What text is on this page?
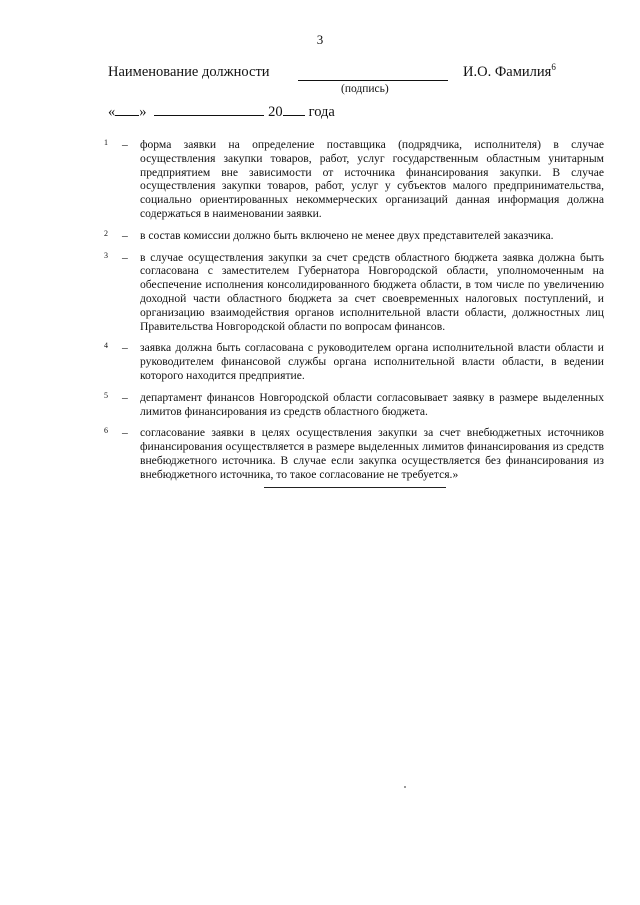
3
Наименование должности
(подпись)
И.О. Фамилия$^6$
« »	20 года
1 – форма заявки на определение поставщика (подрядчика, исполнителя) в случае осуществления закупки товаров, работ, услуг государственным областным унитарным предприятием вне зависимости от источника финансирования закупки. В случае осуществления закупки товаров, работ, услуг у субъектов малого предпринимательства, социально ориентированных некоммерческих организаций данная информация должна содержаться в наименовании заявки.
2 – в состав комиссии должно быть включено не менее двух представителей заказчика.
3 – в случае осуществления закупки за счет средств областного бюджета заявка должна быть согласована с заместителем Губернатора Новгородской области, уполномоченным на обеспечение исполнения консолидированного бюджета области, в том числе по увеличению доходной части областного бюджета за счет своевременных налоговых поступлений, и организацию взаимодействия органов исполнительной власти области, должностных лиц Правительства Новгородской области по вопросам финансов.
4 – заявка должна быть согласована с руководителем органа исполнительной власти области и руководителем финансовой службы органа исполнительной власти области, в ведении которого находится предприятие.
5 – департамент финансов Новгородской области согласовывает заявку в размере выделенных лимитов финансирования из средств областного бюджета.
6 – согласование заявки в целях осуществления закупки за счет внебюджетных источников финансирования осуществляется в размере выделенных лимитов финансирования из средств внебюджетного источника. В случае если закупка осуществляется без финансирования из внебюджетного источника, то такое согласование не требуется.»
